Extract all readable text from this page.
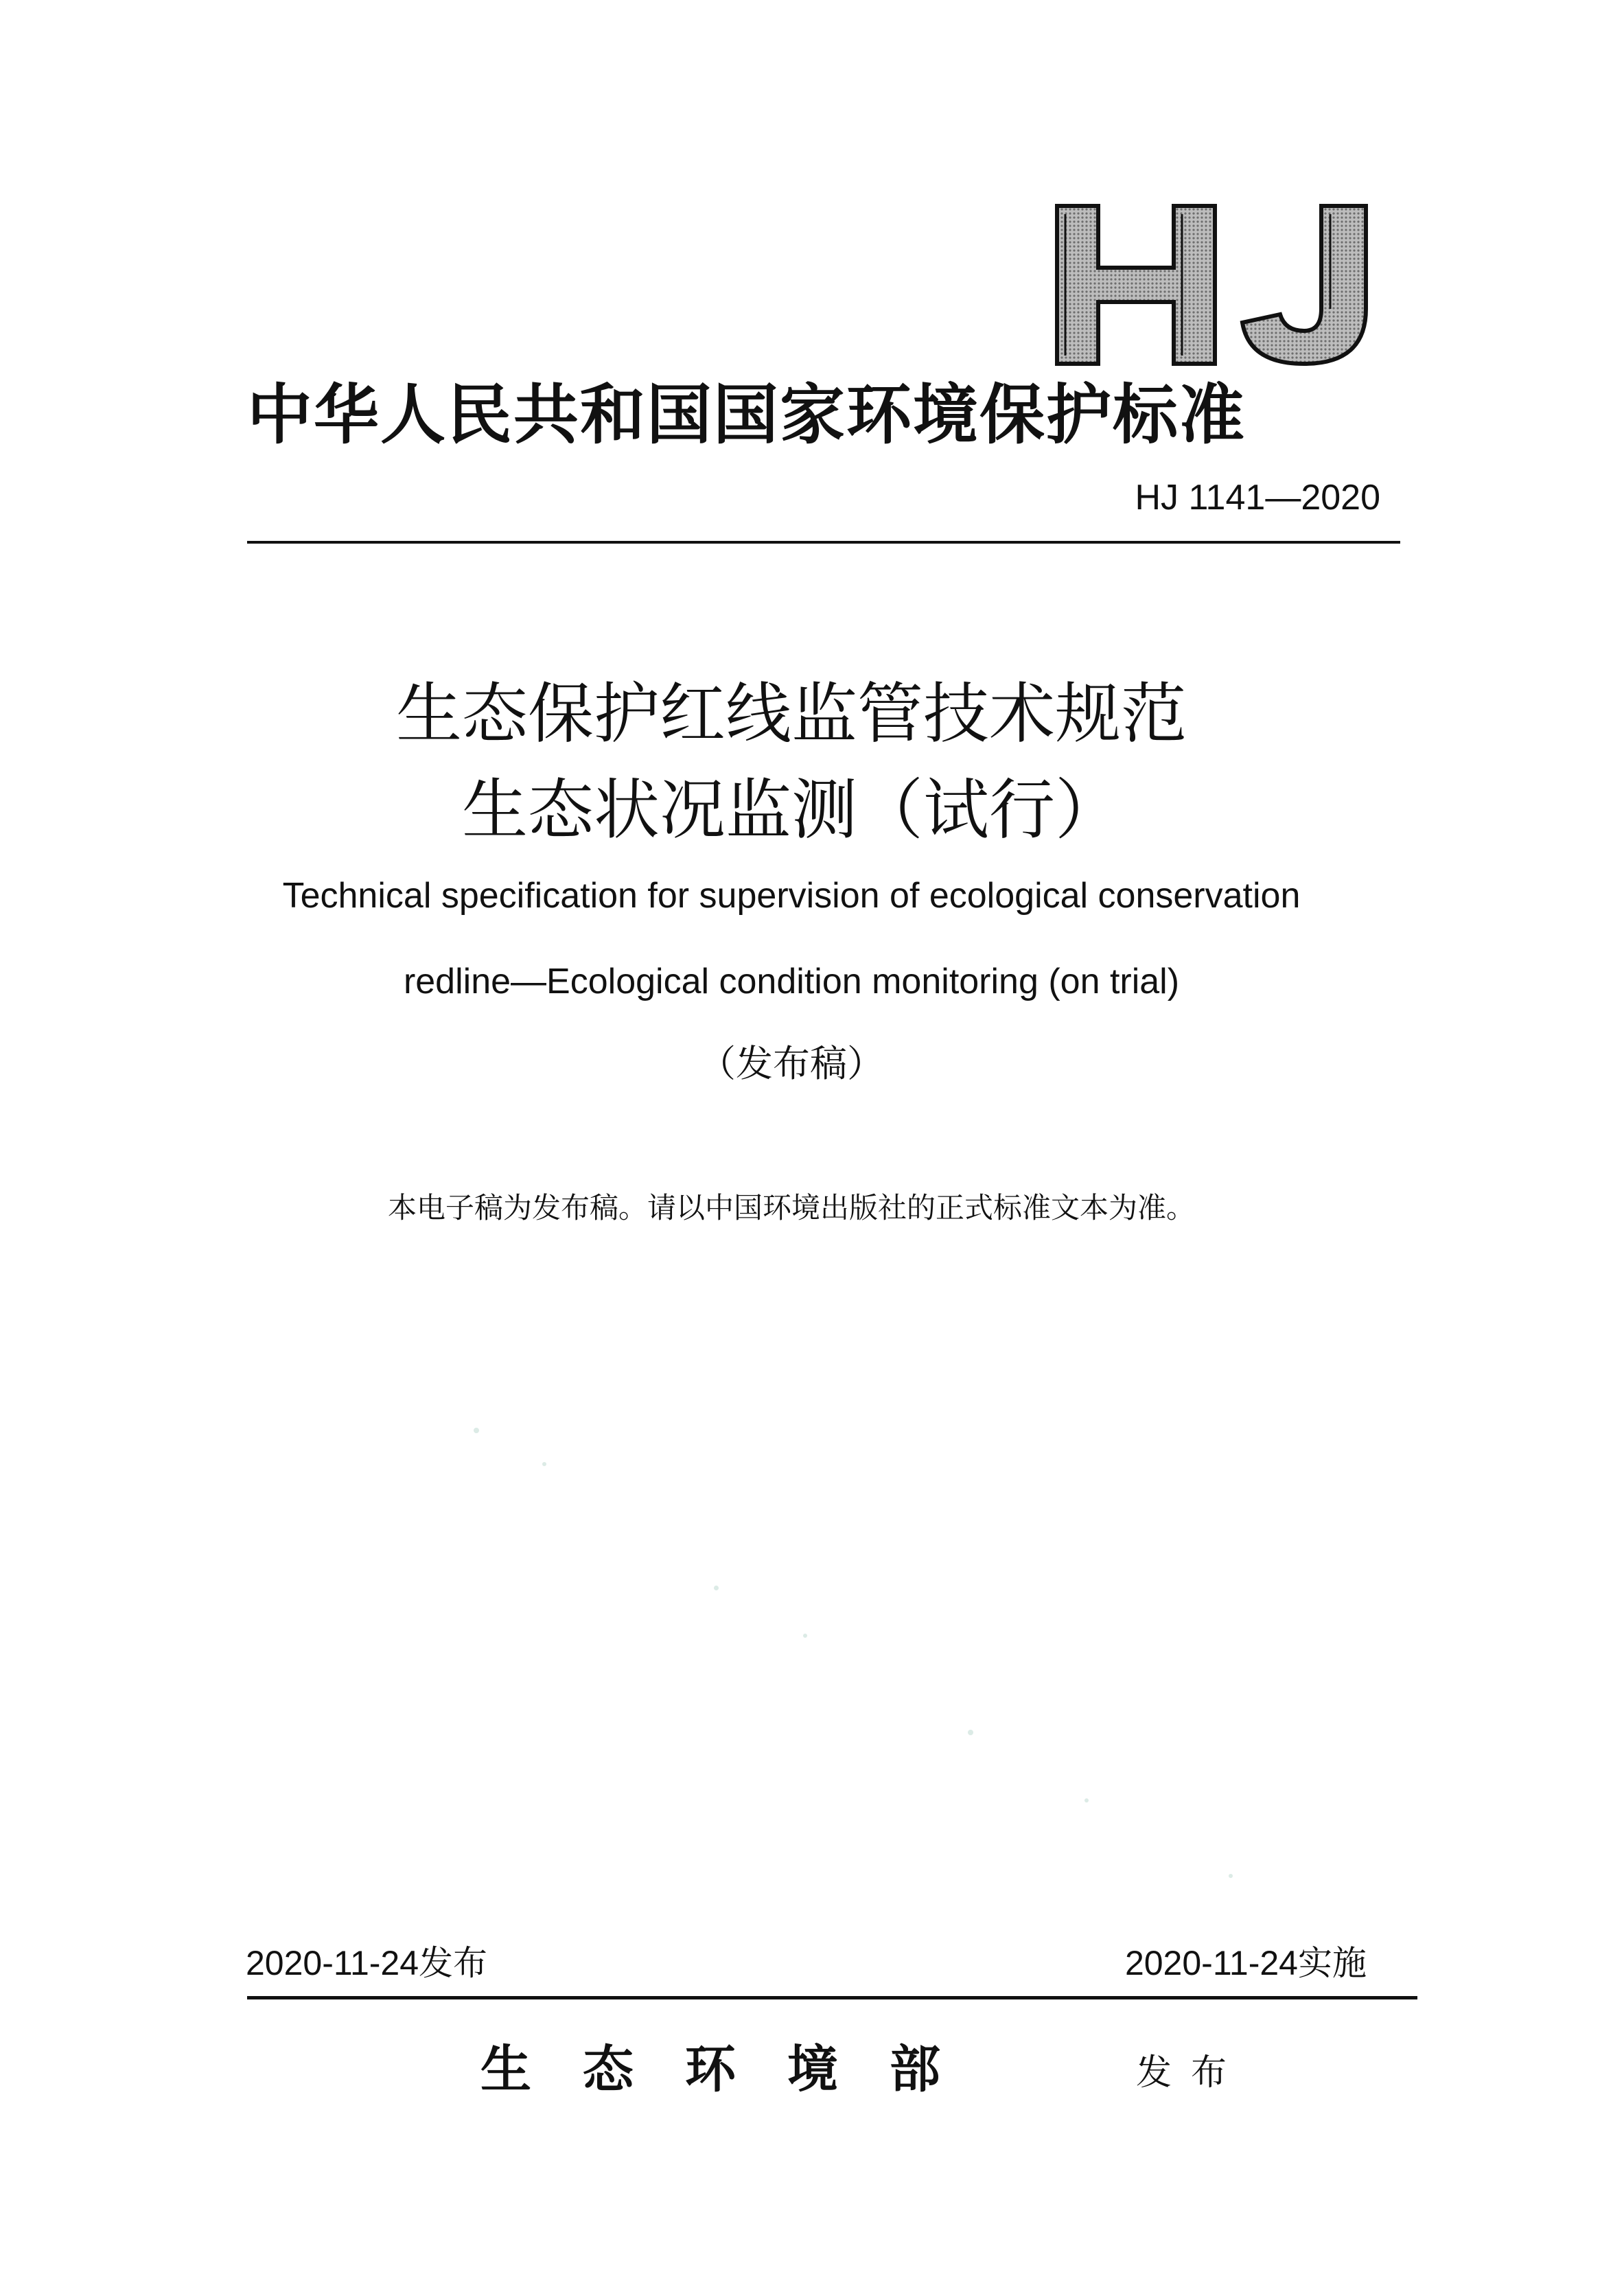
中华人民共和国国家环境保护标准
HJ 1141—2020
生态保护红线监管技术规范
生态状况监测（试行）
Technical specification for supervision of ecological conservation
redline—Ecological condition monitoring (on trial)
（发布稿）
本电子稿为发布稿。请以中国环境出版社的正式标准文本为准。
2020-11-24发布	2020-11-24实施
生态环境部	发布
